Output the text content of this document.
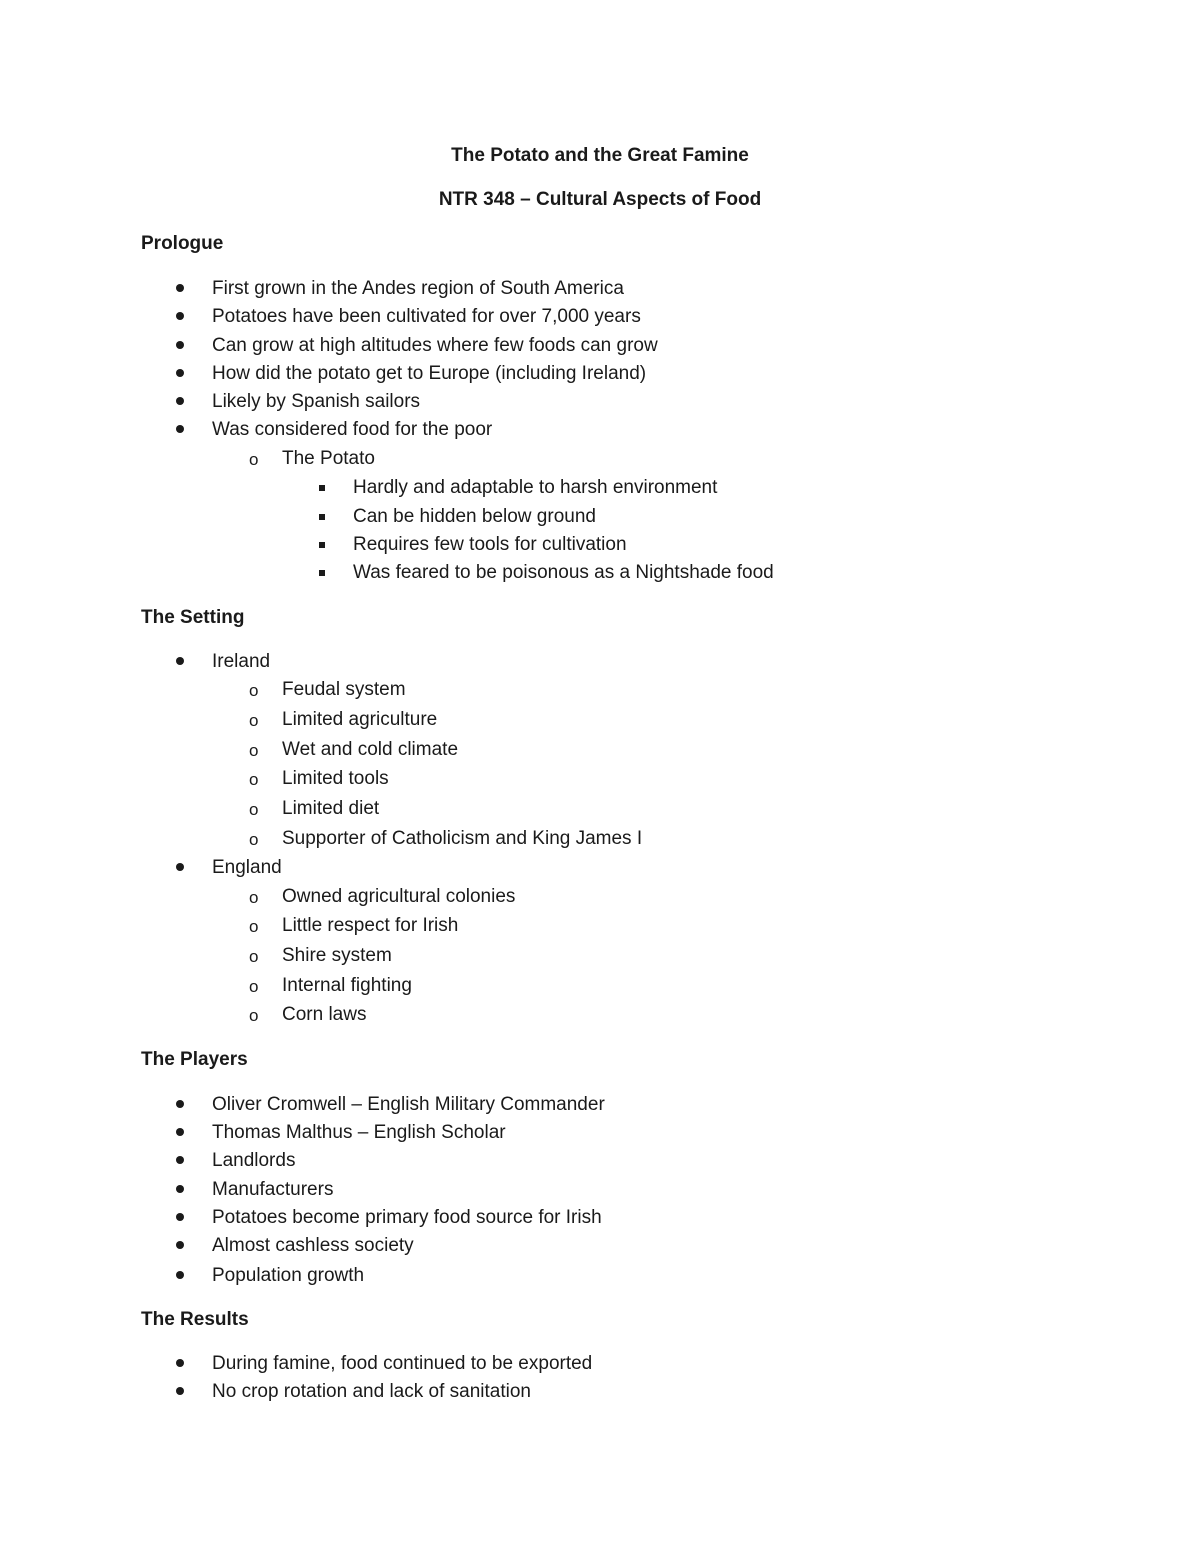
The Potato and the Great Famine
NTR 348 – Cultural Aspects of Food
Prologue
First grown in the Andes region of South America
Potatoes have been cultivated for over 7,000 years
Can grow at high altitudes where few foods can grow
How did the potato get to Europe (including Ireland)
Likely by Spanish sailors
Was considered food for the poor
o The Potato
Hardly and adaptable to harsh environment
Can be hidden below ground
Requires few tools for cultivation
Was feared to be poisonous as a Nightshade food
The Setting
Ireland
o Feudal system
o Limited agriculture
o Wet and cold climate
o Limited tools
o Limited diet
o Supporter of Catholicism and King James I
England
o Owned agricultural colonies
o Little respect for Irish
o Shire system
o Internal fighting
o Corn laws
The Players
Oliver Cromwell – English Military Commander
Thomas Malthus – English Scholar
Landlords
Manufacturers
Potatoes become primary food source for Irish
Almost cashless society
Population growth
The Results
During famine, food continued to be exported
No crop rotation and lack of sanitation
